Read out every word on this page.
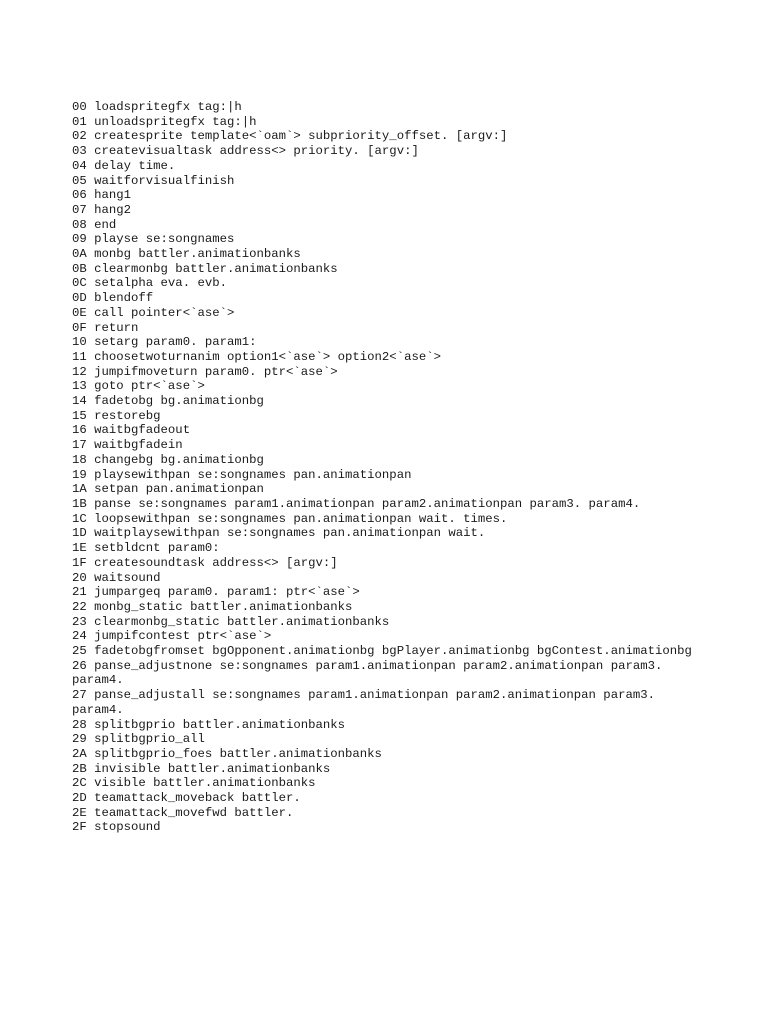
00 loadspritegfx tag:|h
01 unloadspritegfx tag:|h
02 createsprite template<`oam`> subpriority_offset. [argv:]
03 createvisualtask address<> priority. [argv:]
04 delay time.
05 waitforvisualfinish
06 hang1
07 hang2
08 end
09 playse se:songnames
0A monbg battler.animationbanks
0B clearmonbg battler.animationbanks
0C setalpha eva. evb.
0D blendoff
0E call pointer<`ase`>
0F return
10 setarg param0. param1:
11 choosetwoturnanim option1<`ase`> option2<`ase`>
12 jumpifmoveturn param0. ptr<`ase`>
13 goto ptr<`ase`>
14 fadetobg bg.animationbg
15 restorebg
16 waitbgfadeout
17 waitbgfadein
18 changebg bg.animationbg
19 playsewithpan se:songnames pan.animationpan
1A setpan pan.animationpan
1B panse se:songnames param1.animationpan param2.animationpan param3. param4.
1C loopsewithpan se:songnames pan.animationpan wait. times.
1D waitplaysewithpan se:songnames pan.animationpan wait.
1E setbldcnt param0:
1F createsoundtask address<> [argv:]
20 waitsound
21 jumpargeq param0. param1: ptr<`ase`>
22 monbg_static battler.animationbanks
23 clearmonbg_static battler.animationbanks
24 jumpifcontest ptr<`ase`>
25 fadetobgfromset bgOpponent.animationbg bgPlayer.animationbg bgContest.animationbg
26 panse_adjustnone se:songnames param1.animationpan param2.animationpan param3. param4.
27 panse_adjustall se:songnames param1.animationpan param2.animationpan param3. param4.
28 splitbgprio battler.animationbanks
29 splitbgprio_all
2A splitbgprio_foes battler.animationbanks
2B invisible battler.animationbanks
2C visible battler.animationbanks
2D teamattack_moveback battler.
2E teamattack_movefwd battler.
2F stopsound
